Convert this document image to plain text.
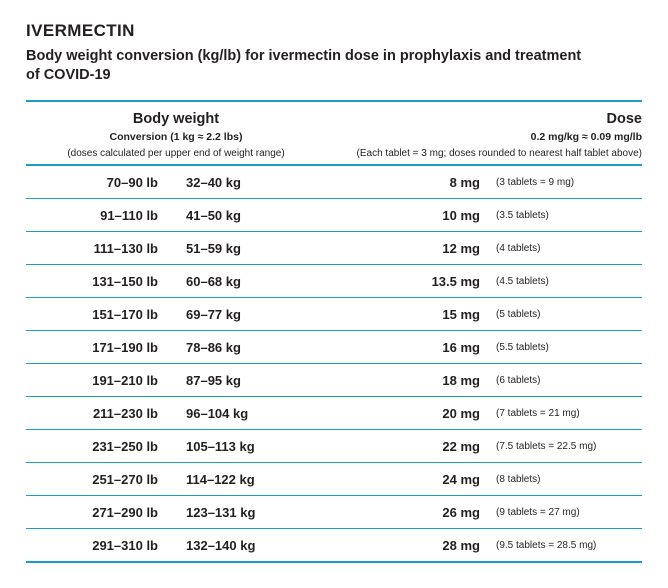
IVERMECTIN

Body weight conversion (kg/lb) for ivermectin dose in prophylaxis and treatment of COVID-19

Body weight		Dose	
Conversion (1 kg ≈ 2.2 lbs)		0.2 mg/kg ≈ 0.09 mg/lb	
(doses calculated per upper end of weight range)		(Each tablet = 3 mg; doses rounded to nearest half tablet above)	

70–90 lb	32–40 kg	8 mg	(3 tablets = 9 mg)

91–110 lb	41–50 kg	10 mg	(3.5 tablets)

111–130 lb	51–59 kg	12 mg	(4 tablets)

131–150 lb	60–68 kg	13.5 mg	(4.5 tablets)

151–170 lb	69–77 kg	15 mg	(5 tablets)

171–190 lb	78–86 kg	16 mg	(5.5 tablets)

191–210 lb	87–95 kg	18 mg	(6 tablets)

211–230 lb	96–104 kg	20 mg	(7 tablets = 21 mg)

231–250 lb	105–113 kg	22 mg	(7.5 tablets = 22.5 mg)

251–270 lb	114–122 kg	24 mg	(8 tablets)

271–290 lb	123–131 kg	26 mg	(9 tablets = 27 mg)

291–310 lb	132–140 kg	28 mg	(9.5 tablets = 28.5 mg)
